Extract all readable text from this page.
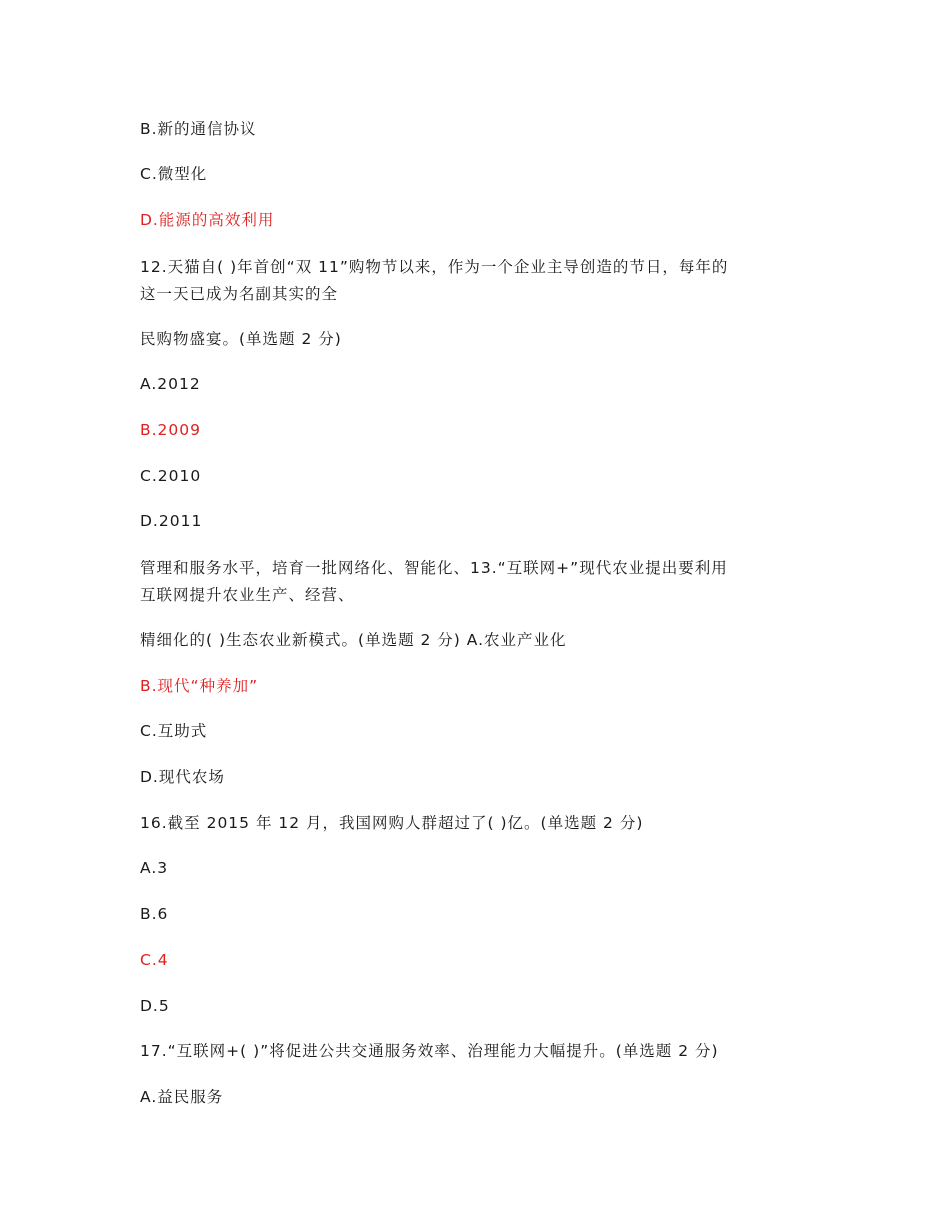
B.新的通信协议
C.微型化
D.能源的高效利用
12.天猫自( )年首创“双 11”购物节以来，作为一个企业主导创造的节日，每年的
这一天已成为名副其实的全
民购物盛宴。(单选题 2 分)
A.2012
B.2009
C.2010
D.2011
管理和服务水平，培育一批网络化、智能化、13.“互联网+”现代农业提出要利用
互联网提升农业生产、经营、
精细化的( )生态农业新模式。(单选题 2 分) A.农业产业化
B.现代“种养加”
C.互助式
D.现代农场
16.截至 2015 年 12 月，我国网购人群超过了( )亿。(单选题 2 分)
A.3
B.6
C.4
D.5
17.“互联网+( )”将促进公共交通服务效率、治理能力大幅提升。(单选题 2 分)
A.益民服务
